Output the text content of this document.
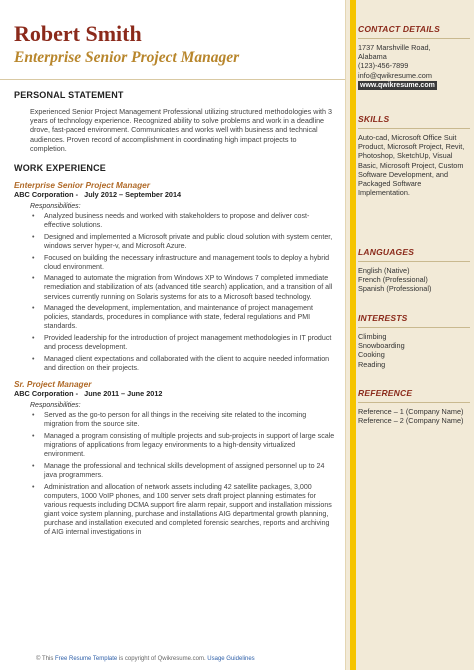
Robert Smith
Enterprise Senior Project Manager
PERSONAL STATEMENT
Experienced Senior Project Management Professional utilizing structured methodologies with 3 years of technology experience. Recognized ability to solve problems and work in a deadline drove, fast-paced environment. Communicates and works well with business and technical audiences. Proven record of accomplishment in coordinating high impact projects to completion.
WORK EXPERIENCE
Enterprise Senior Project Manager
ABC Corporation - July 2012 – September 2014
Responsibilities:
• Analyzed business needs and worked with stakeholders to propose and deliver cost-effective solutions.
• Designed and implemented a Microsoft private and public cloud solution with system center, windows server hyper-v, and Microsoft Azure.
• Focused on building the necessary infrastructure and management tools to deploy a hybrid cloud environment.
• Managed to automate the migration from Windows XP to Windows 7 completed immediate remediation and stabilization of ats (advanced title search) application, and a transition of all services currently running on Solaris systems for ats to a Microsoft based technology.
• Managed the development, implementation, and maintenance of project management policies, standards, procedures in compliance with state, federal regulations and PMI standards.
• Provided leadership for the introduction of project management methodologies in IT product and process development.
• Managed client expectations and collaborated with the client to acquire needed information and direction on their projects.
Sr. Project Manager
ABC Corporation - June 2011 – June 2012
Responsibilities:
• Served as the go-to person for all things in the receiving site related to the incoming migration from the source site.
• Managed a program consisting of multiple projects and sub-projects in support of large scale migrations of applications from legacy environments to a high-density virtualized environment.
• Manage the professional and technical skills development of assigned personnel up to 24 java programmers.
• Administration and allocation of network assets including 42 satellite packages, 3,000 computers, 1000 VoIP phones, and 100 server sets draft project planning estimates for various requests including DCMA support fire alarm repair, support and installation missions giant voice system planning, purchase and installations AIG departmental growth planning, purchase and installation executed and completed forensic searches, reports and archiving of AIG internal investigations in
© This Free Resume Template is copyright of Qwikresume.com. Usage Guidelines
CONTACT DETAILS
1737 Marshville Road,
Alabama
(123)-456-7899
info@qwikresume.com
www.qwikresume.com
SKILLS
Auto-cad, Microsoft Office Suit Product, Microsoft Project, Revit, Photoshop, SketchUp, Visual Basic, Microsoft Project, Custom Software Development, and Packaged Software Implementation.
LANGUAGES
English (Native)
French (Professional)
Spanish (Professional)
INTERESTS
Climbing
Snowboarding
Cooking
Reading
REFERENCE
Reference – 1 (Company Name)
Reference – 2 (Company Name)
